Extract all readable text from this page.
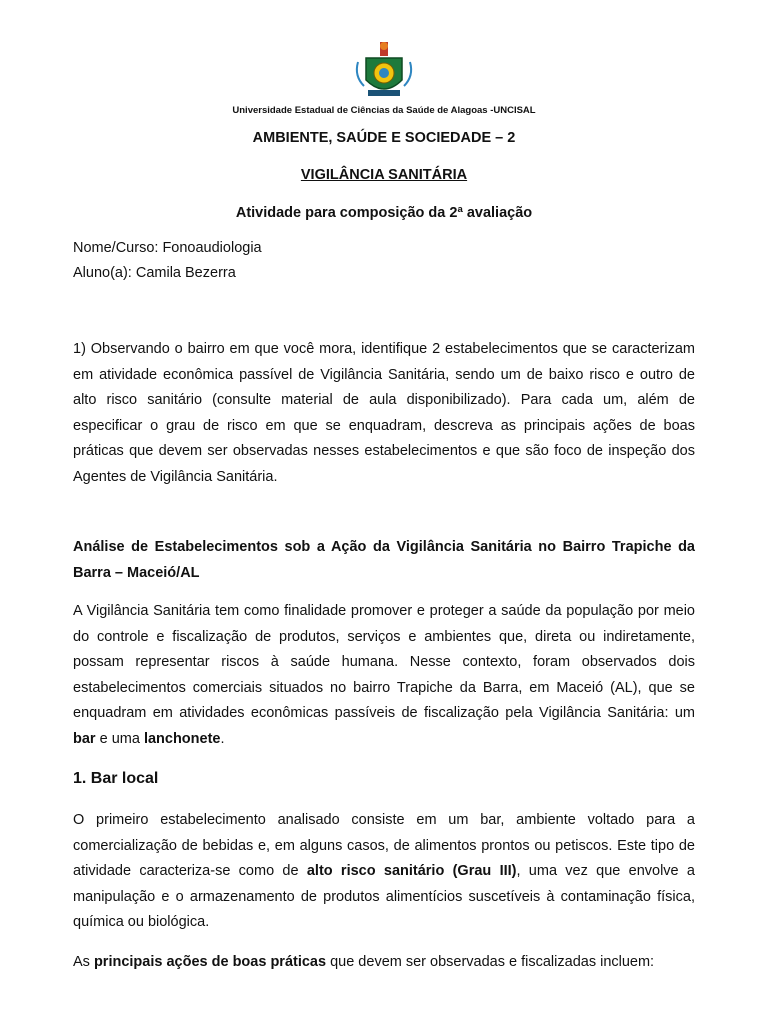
Universidade Estadual de Ciências da Saúde de Alagoas -UNCISAL
AMBIENTE, SAÚDE E SOCIEDADE – 2
VIGILÂNCIA SANITÁRIA
Atividade para composição da 2ª avaliação
Nome/Curso: Fonoaudiologia
Aluno(a): Camila Bezerra

1) Observando o bairro em que você mora, identifique 2 estabelecimentos que se caracterizam em atividade econômica passível de Vigilância Sanitária, sendo um de baixo risco e outro de alto risco sanitário (consulte material de aula disponibilizado). Para cada um, além de especificar o grau de risco em que se enquadram, descreva as principais ações de boas práticas que devem ser observadas nesses estabelecimentos e que são foco de inspeção dos Agentes de Vigilância Sanitária.

Análise de Estabelecimentos sob a Ação da Vigilância Sanitária no Bairro Trapiche da Barra – Maceió/AL

A Vigilância Sanitária tem como finalidade promover e proteger a saúde da população por meio do controle e fiscalização de produtos, serviços e ambientes que, direta ou indiretamente, possam representar riscos à saúde humana. Nesse contexto, foram observados dois estabelecimentos comerciais situados no bairro Trapiche da Barra, em Maceió (AL), que se enquadram em atividades econômicas passíveis de fiscalização pela Vigilância Sanitária: um bar e uma lanchonete.

1. Bar local

O primeiro estabelecimento analisado consiste em um bar, ambiente voltado para a comercialização de bebidas e, em alguns casos, de alimentos prontos ou petiscos. Este tipo de atividade caracteriza-se como de alto risco sanitário (Grau III), uma vez que envolve a manipulação e o armazenamento de produtos alimentícios suscetíveis à contaminação física, química ou biológica.

As principais ações de boas práticas que devem ser observadas e fiscalizadas incluem:
